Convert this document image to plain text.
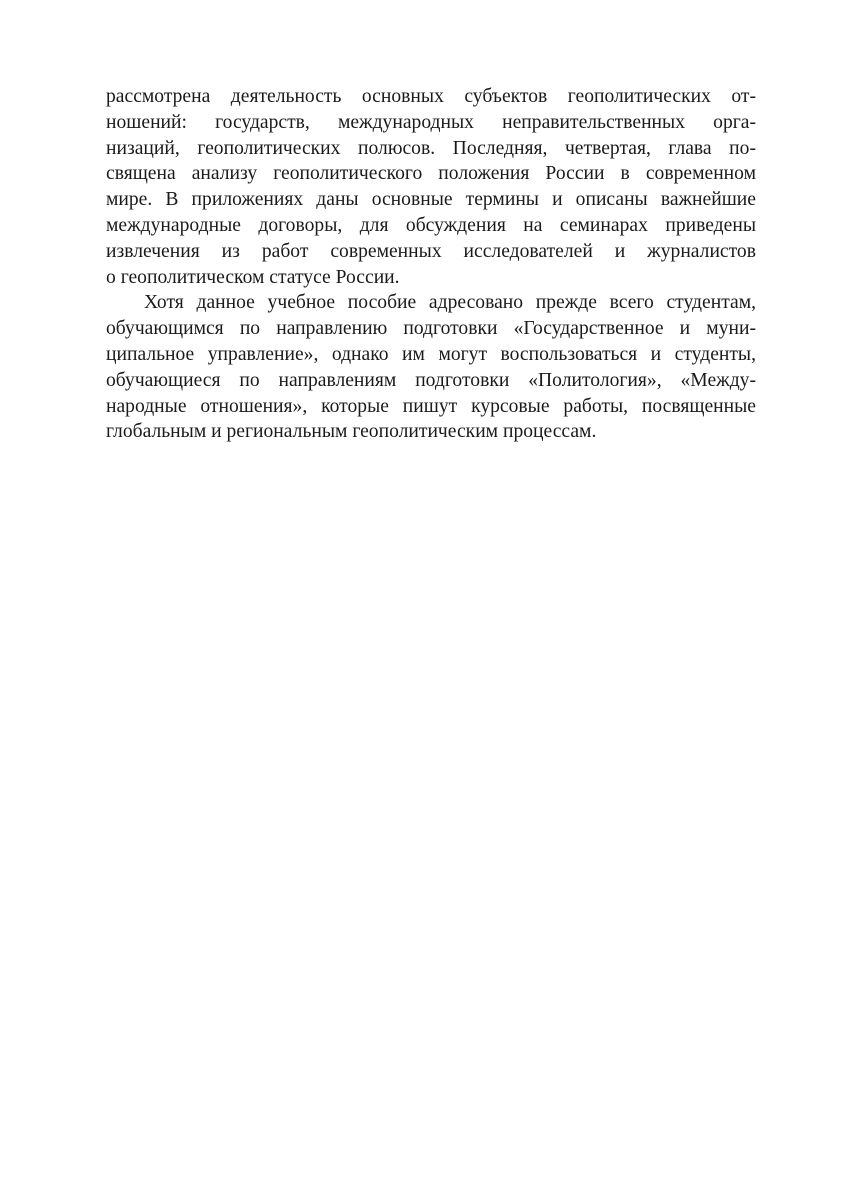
рассмотрена деятельность основных субъектов геополитических от-
ношений: государств, международных неправительственных орга-
низаций, геополитических полюсов. Последняя, четвертая, глава по-
священа анализу геополитического положения России в современном
мире. В приложениях даны основные термины и описаны важнейшие
международные договоры, для обсуждения на семинарах приведены
извлечения из работ современных исследователей и журналистов
о геополитическом статусе России.
Хотя данное учебное пособие адресовано прежде всего студентам,
обучающимся по направлению подготовки «Государственное и муни-
ципальное управление», однако им могут воспользоваться и студенты,
обучающиеся по направлениям подготовки «Политология», «Между-
народные отношения», которые пишут курсовые работы, посвященные
глобальным и региональным геополитическим процессам.
